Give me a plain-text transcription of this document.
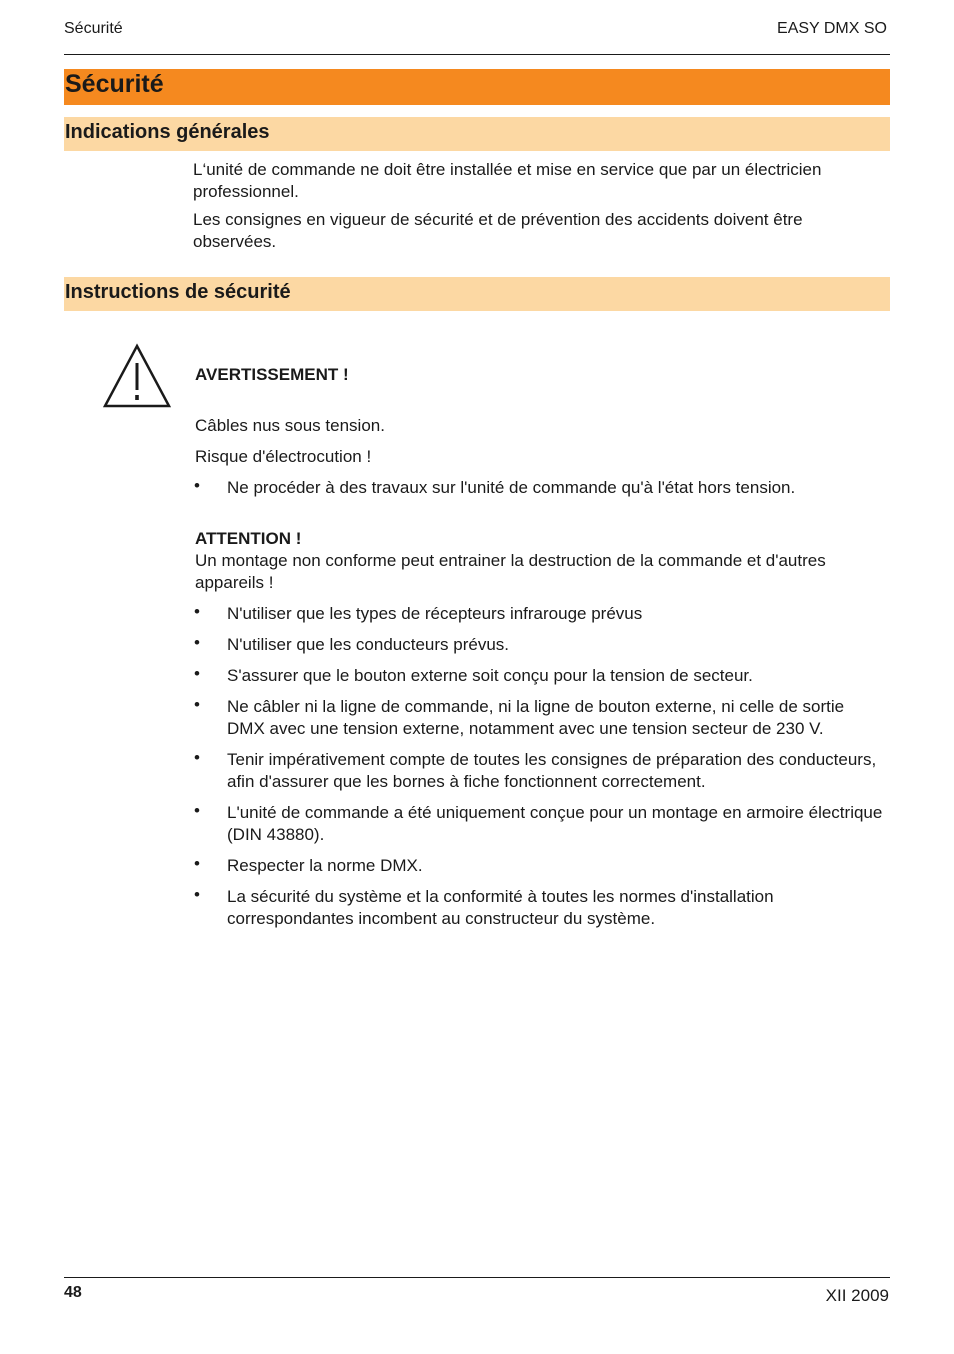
Sécurité	EASY DMX SO
Sécurité
Indications générales

L‘unité de commande ne doit être installée et mise en service que par un électricien professionnel.

Les consignes en vigueur de sécurité et de prévention des accidents doivent être observées.

Instructions de sécurité

AVERTISSEMENT !

Câbles nus sous tension.

Risque d'électrocution !

• Ne procéder à des travaux sur l'unité de commande qu'à l'état hors tension.

ATTENTION !

Un montage non conforme peut entrainer la destruction de la commande et d'autres appareils !

• N'utiliser que les types de récepteurs infrarouge prévus
• N'utiliser que les conducteurs prévus.
• S'assurer que le bouton externe soit conçu pour la tension de secteur.
• Ne câbler ni la ligne de commande, ni la ligne de bouton externe, ni celle de sortie DMX avec une tension externe, notamment avec une tension secteur de 230 V.
• Tenir impérativement compte de toutes les consignes de préparation des conducteurs, afin d'assurer que les bornes à fiche fonctionnent correctement.
• L'unité de commande a été uniquement conçue pour un montage en armoire électrique (DIN 43880).
• Respecter la norme DMX.
• La sécurité du système et la conformité à toutes les normes d'installation correspondantes incombent au constructeur du système.
48	XII 2009
